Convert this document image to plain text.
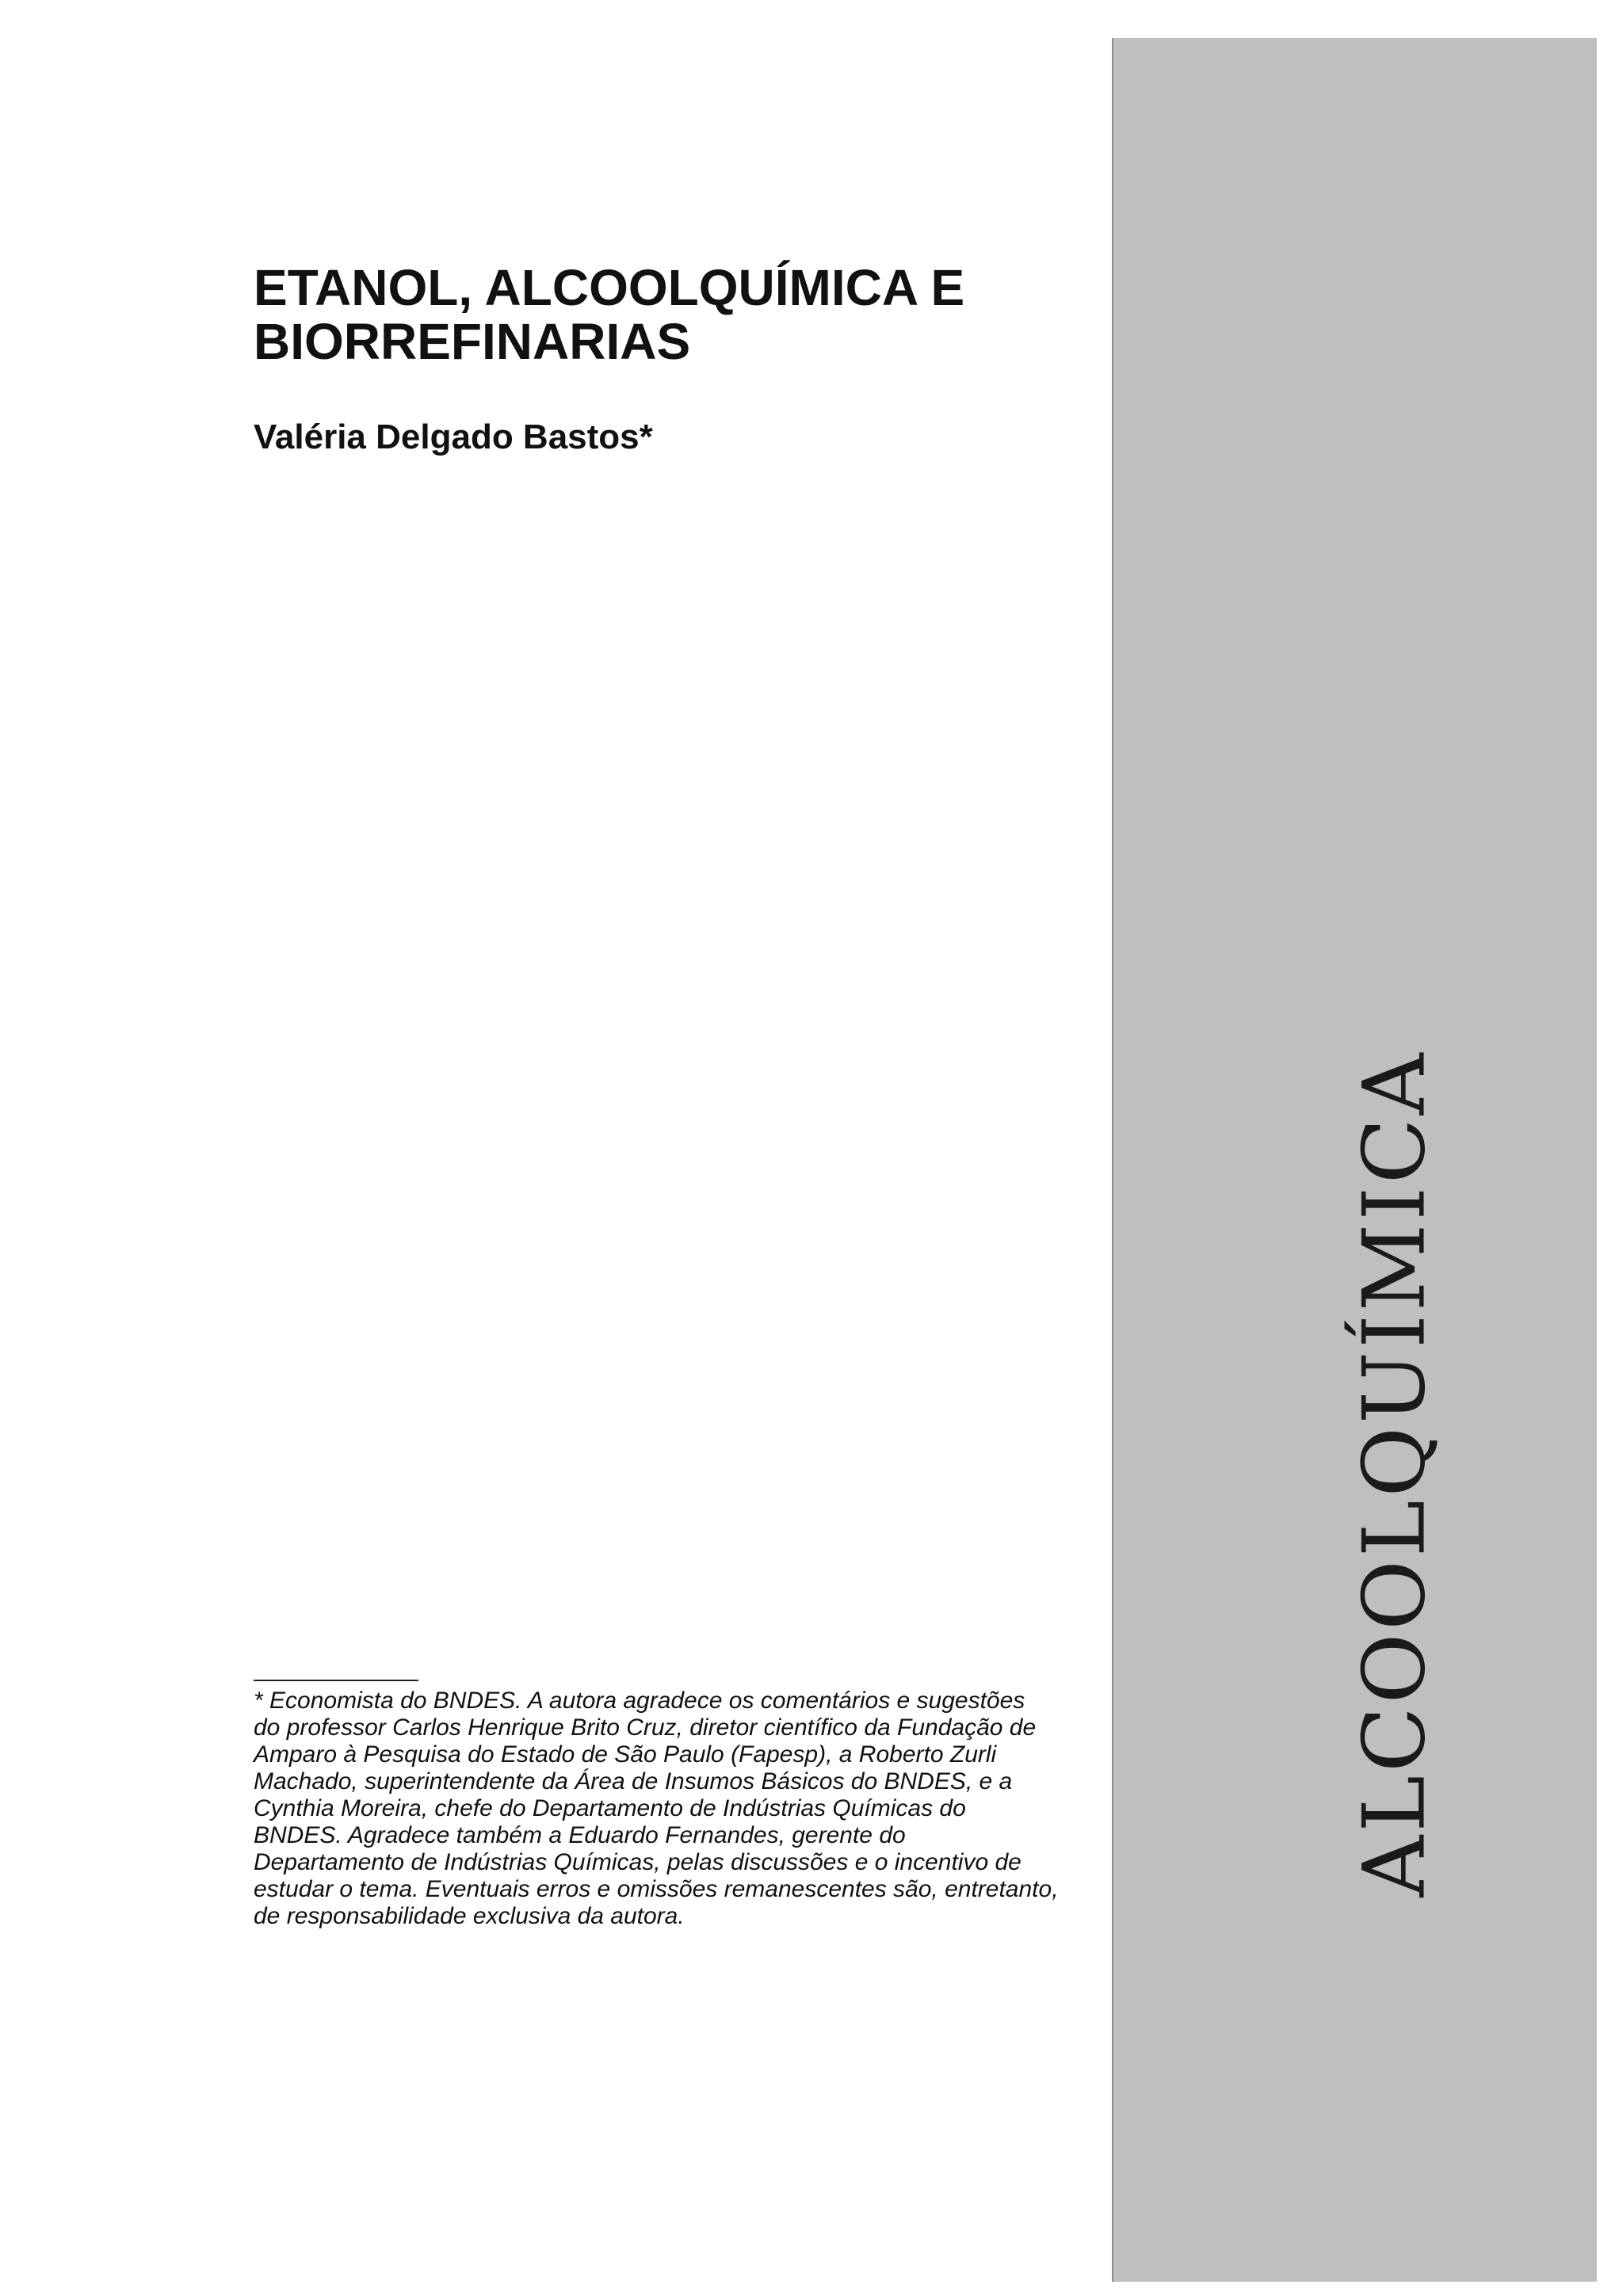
ALCOOLQUÍMICA
ETANOL, ALCOOLQUÍMICA E
BIORREFINARIAS

Valéria Delgado Bastos*

* Economista do BNDES. A autora agradece os comentários e sugestões
do professor Carlos Henrique Brito Cruz, diretor científico da Fundação de
Amparo à Pesquisa do Estado de São Paulo (Fapesp), a Roberto Zurli
Machado, superintendente da Área de Insumos Básicos do BNDES, e a
Cynthia Moreira, chefe do Departamento de Indústrias Químicas do
BNDES. Agradece também a Eduardo Fernandes, gerente do
Departamento de Indústrias Químicas, pelas discussões e o incentivo de
estudar o tema. Eventuais erros e omissões remanescentes são, entretanto,
de responsabilidade exclusiva da autora.
